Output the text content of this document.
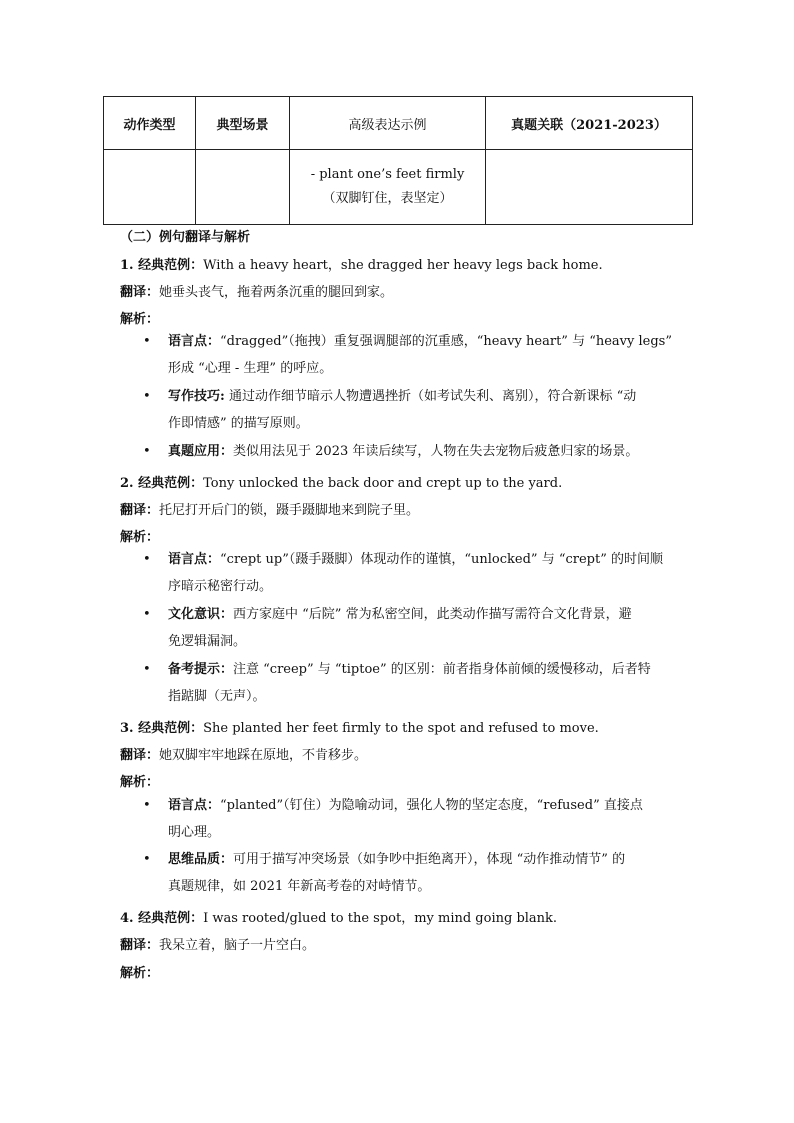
动作类型	典型场景	高级表达示例	真题关联（2021-2023）

		- plant one’s feet firmly
（双脚钉住，表坚定）	

（二）例句翻译与解析
1. 经典范例：With a heavy heart，she dragged her heavy legs back home.
翻译：她垂头丧气，拖着两条沉重的腿回到家。
解析：
•
语言点：“dragged”（拖拽）重复强调腿部的沉重感，“heavy heart” 与 “heavy legs”
形成 “心理 - 生理” 的呼应。
•
写作技巧: 通过动作细节暗示人物遭遇挫折（如考试失利、离别），符合新课标 “动
作即情感” 的描写原则。
•
真题应用：类似用法见于 2023 年读后续写，人物在失去宠物后疲惫归家的场景。
2. 经典范例：Tony unlocked the back door and crept up to the yard.
翻译：托尼打开后门的锁，蹑手蹑脚地来到院子里。
解析：
•
语言点：“crept up”（蹑手蹑脚）体现动作的谨慎，“unlocked” 与 “crept” 的时间顺
序暗示秘密行动。
•
文化意识：西方家庭中 “后院” 常为私密空间，此类动作描写需符合文化背景，避
免逻辑漏洞。
•
备考提示：注意 “creep” 与 “tiptoe” 的区别：前者指身体前倾的缓慢移动，后者特
指踮脚（无声）。
3. 经典范例：She planted her feet firmly to the spot and refused to move.
翻译：她双脚牢牢地踩在原地，不肯移步。
解析：
•
语言点：“planted”（钉住）为隐喻动词，强化人物的坚定态度，“refused” 直接点
明心理。
•
思维品质：可用于描写冲突场景（如争吵中拒绝离开），体现 “动作推动情节” 的
真题规律，如 2021 年新高考卷的对峙情节。
4. 经典范例：I was rooted/glued to the spot，my mind going blank.
翻译：我呆立着，脑子一片空白。
解析：
